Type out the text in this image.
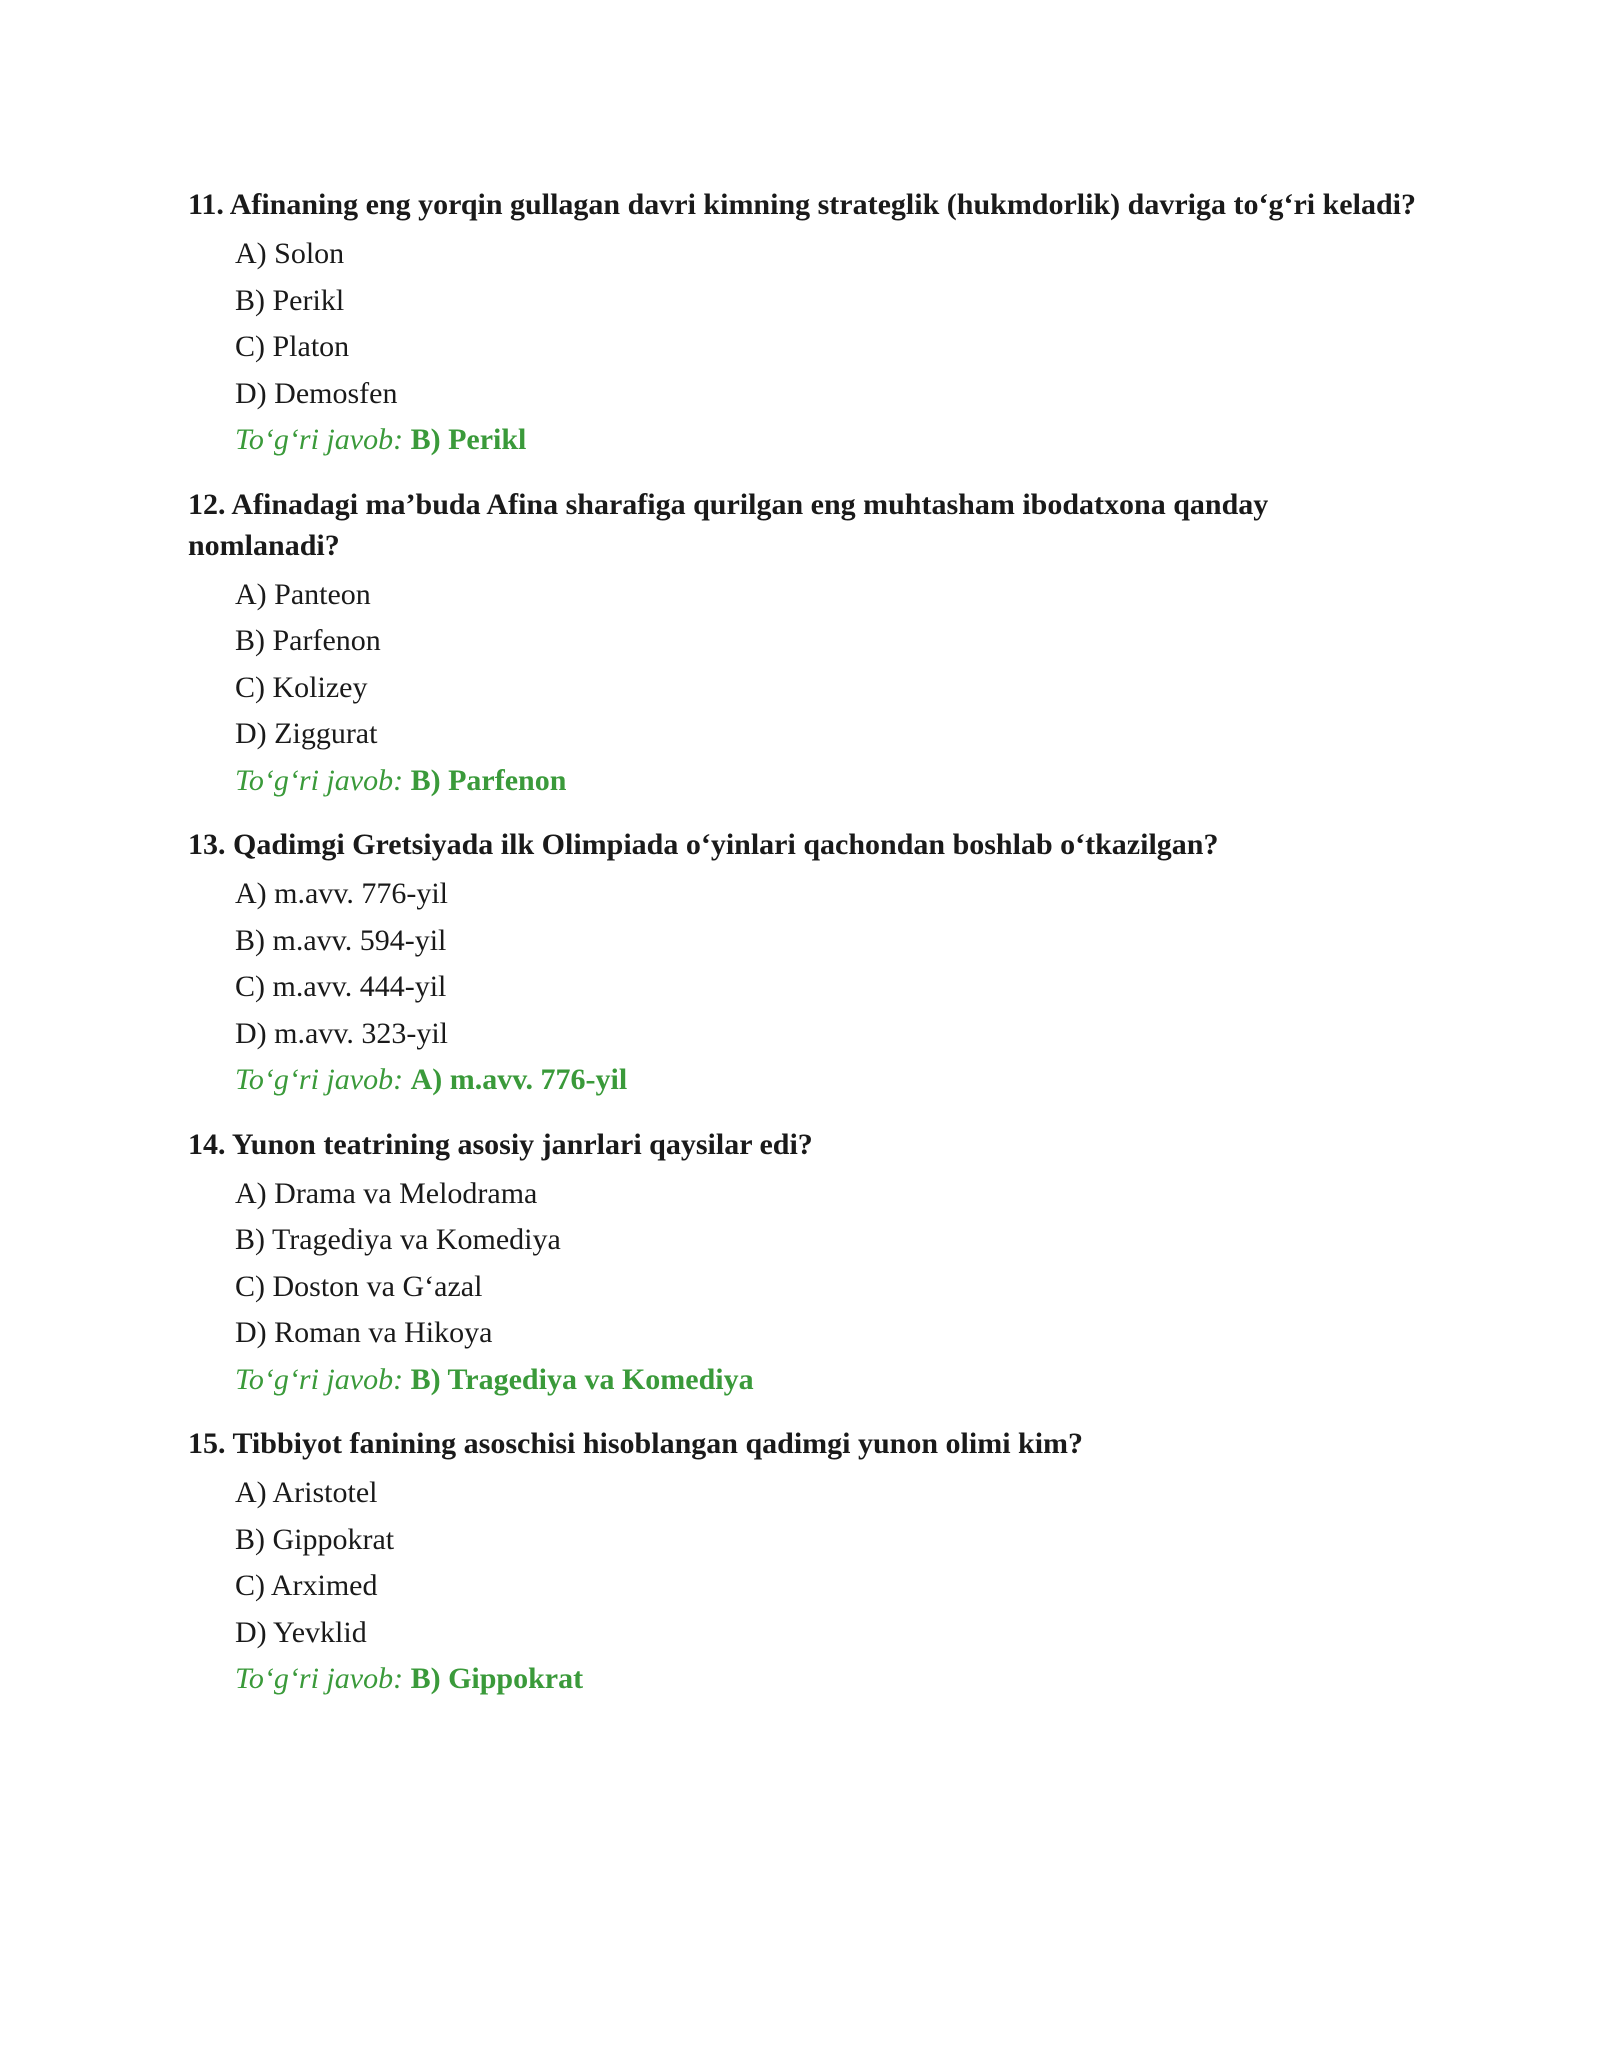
11. Afinaning eng yorqin gullagan davri kimning strateglik (hukmdorlik) davriga to‘g‘ri keladi?
A) Solon
B) Perikl
C) Platon
D) Demosfen
To‘g‘ri javob: B) Perikl
12. Afinadagi ma’buda Afina sharafiga qurilgan eng muhtasham ibodatxona qanday nomlanadi?
A) Panteon
B) Parfenon
C) Kolizey
D) Ziggurat
To‘g‘ri javob: B) Parfenon
13. Qadimgi Gretsiyada ilk Olimpiada o‘yinlari qachondan boshlab o‘tkazilgan?
A) m.avv. 776-yil
B) m.avv. 594-yil
C) m.avv. 444-yil
D) m.avv. 323-yil
To‘g‘ri javob: A) m.avv. 776-yil
14. Yunon teatrining asosiy janrlari qaysilar edi?
A) Drama va Melodrama
B) Tragediya va Komediya
C) Doston va G‘azal
D) Roman va Hikoya
To‘g‘ri javob: B) Tragediya va Komediya
15. Tibbiyot fanining asoschisi hisoblangan qadimgi yunon olimi kim?
A) Aristotel
B) Gippokrat
C) Arximed
D) Yevklid
To‘g‘ri javob: B) Gippokrat
